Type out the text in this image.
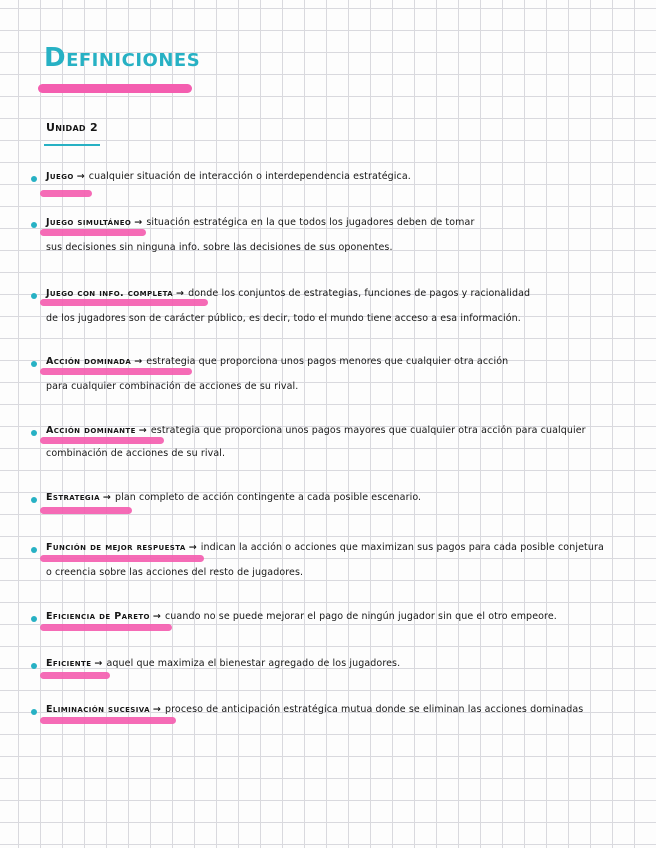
Definiciones
Unidad 2
Juego → cualquier situación de interacción o interdependencia estratégica.
Juego simultáneo → situación estratégica en la que todos los jugadores deben de tomar
sus decisiones sin ninguna info. sobre las decisiones de sus oponentes.
Juego con info. completa → donde los conjuntos de estrategias, funciones de pagos y racionalidad
de los jugadores son de carácter público, es decir, todo el mundo tiene acceso a esa información.
Acción dominada → estrategia que proporciona unos pagos menores que cualquier otra acción
para cualquier combinación de acciones de su rival.
Acción dominante → estrategia que proporciona unos pagos mayores que cualquier otra acción para cualquier
combinación de acciones de su rival.
Estrategia → plan completo de acción contingente a cada posible escenario.
Función de mejor respuesta → indican la acción o acciones que maximizan sus pagos para cada posible conjetura
o creencia sobre las acciones del resto de jugadores.
Eficiencia de Pareto → cuando no se puede mejorar el pago de ningún jugador sin que el otro empeore.
Eficiente → aquel que maximiza el bienestar agregado de los jugadores.
Eliminación sucesiva → proceso de anticipación estratégica mutua donde se eliminan las acciones dominadas
